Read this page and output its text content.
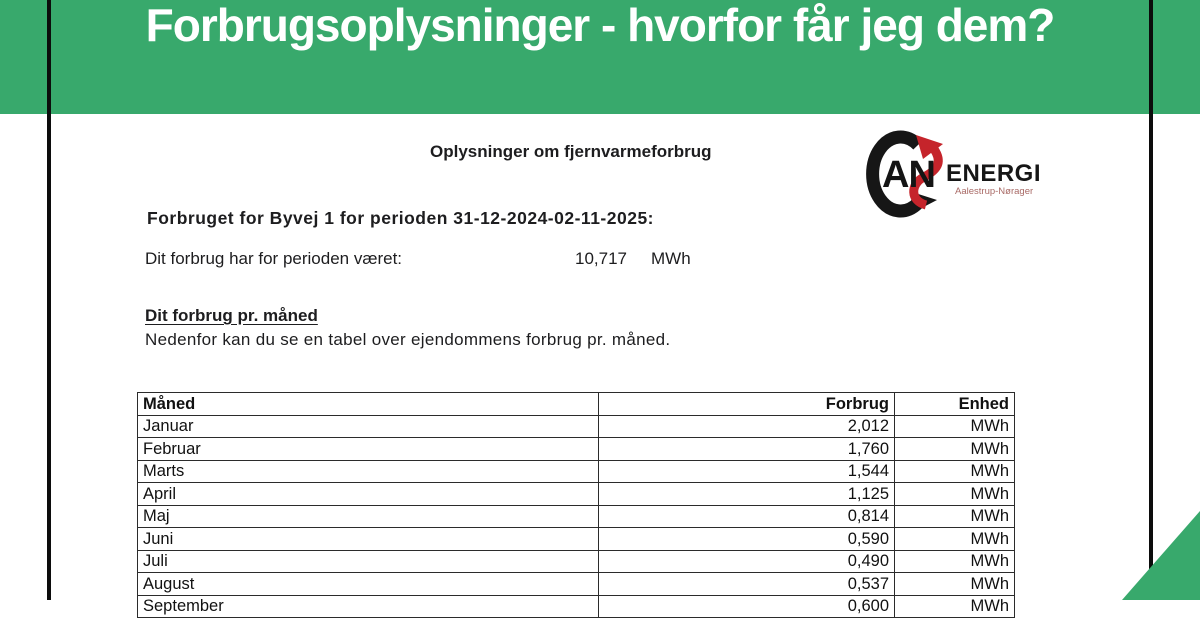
Forbrugsoplysninger - hvorfor får jeg dem?
Oplysninger om fjernvarmeforbrug
AN ENERGI
Aalestrup-Nørager
Forbruget for Byvej 1 for perioden 31-12-2024-02-11-2025:
Dit forbrug har for perioden været:	10,717 MWh
Dit forbrug pr. måned
Nedenfor kan du se en tabel over ejendommens forbrug pr. måned.
Måned	Forbrug	Enhed
Januar	2,012	MWh
Februar	1,760	MWh
Marts	1,544	MWh
April	1,125	MWh
Maj	0,814	MWh
Juni	0,590	MWh
Juli	0,490	MWh
August	0,537	MWh
September	0,600	MWh
